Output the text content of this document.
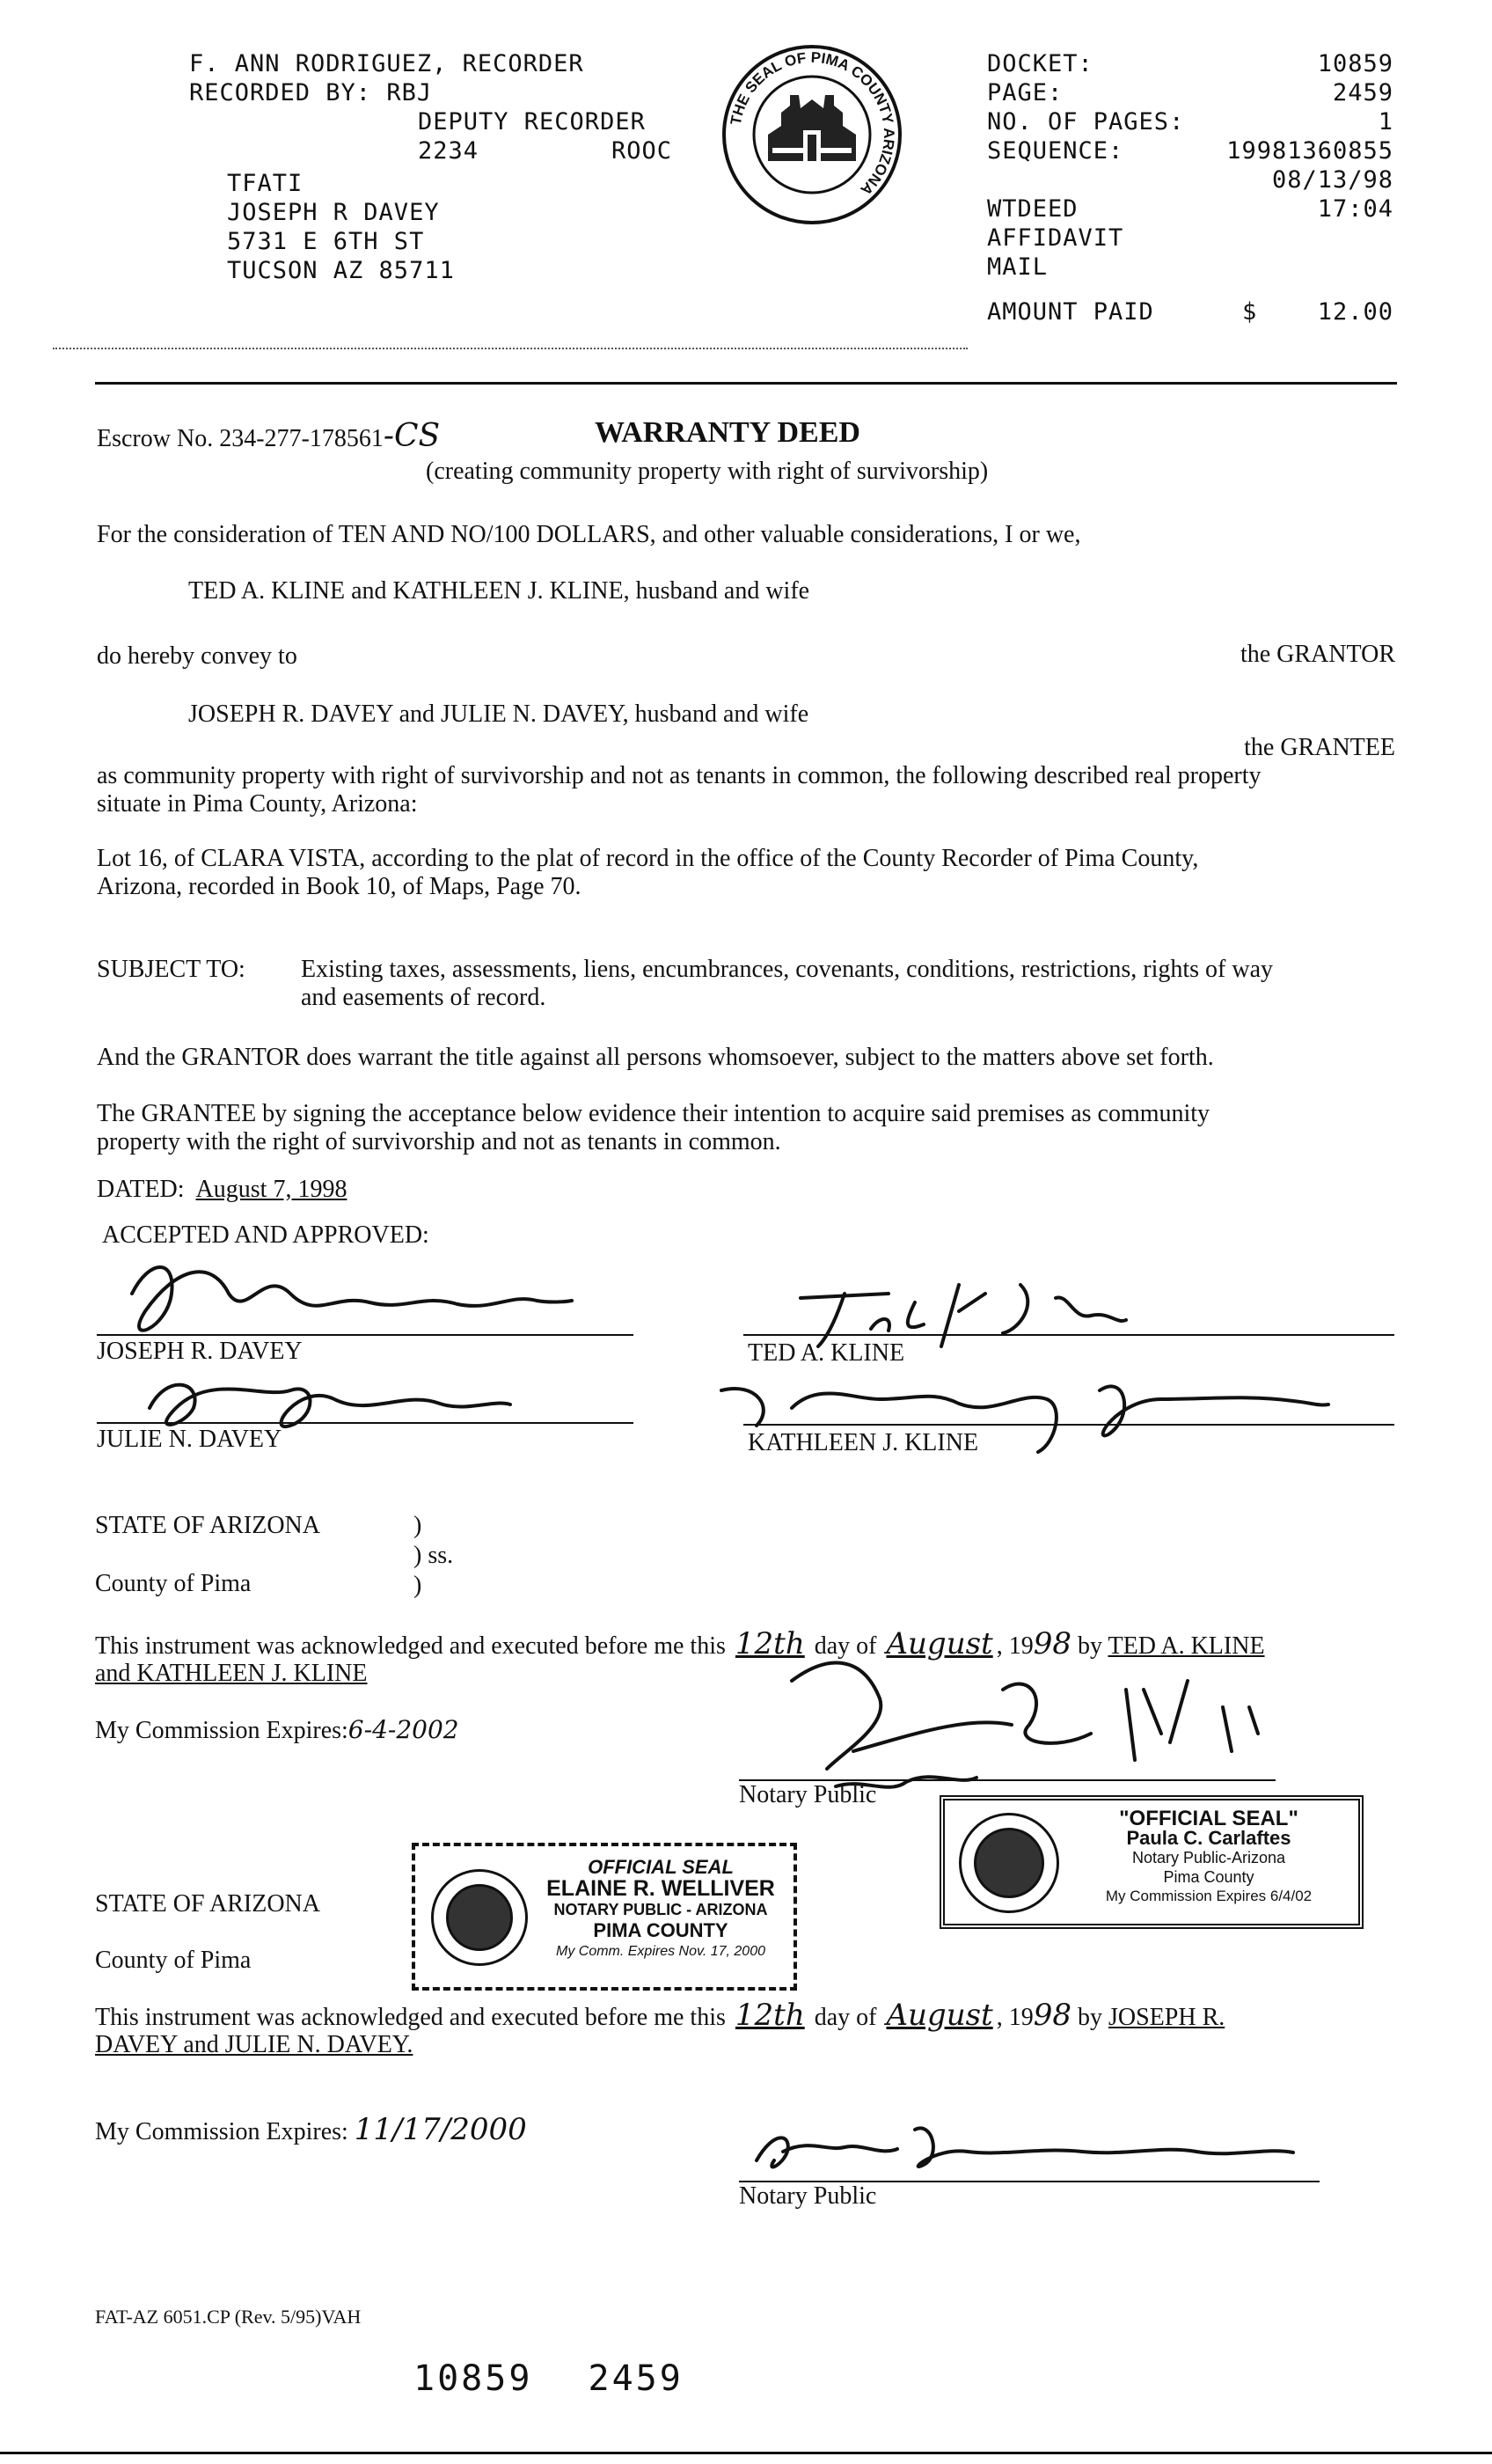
F. ANN RODRIGUEZ, RECORDER
RECORDED BY: RBJ
DEPUTY RECORDER
2234	ROOC
TFATI
JOSEPH R DAVEY
5731 E 6TH ST
TUCSON AZ 85711
THE SEAL OF PIMA COUNTY ARIZONA
DOCKET:	10859
PAGE:	2459
NO. OF PAGES:	1
SEQUENCE:	19981360855
08/13/98
WTDEED	17:04
AFFIDAVIT
MAIL
AMOUNT PAID	$	12.00
Escrow No. 234-277-178561-CS	WARRANTY DEED
(creating community property with right of survivorship)
For the consideration of TEN AND NO/100 DOLLARS, and other valuable considerations, I or we,
TED A. KLINE and KATHLEEN J. KLINE, husband and wife
do hereby convey to	the GRANTOR
JOSEPH R. DAVEY and JULIE N. DAVEY, husband and wife
the GRANTEE
as community property with right of survivorship and not as tenants in common, the following described real property
situate in Pima County, Arizona:
Lot 16, of CLARA VISTA, according to the plat of record in the office of the County Recorder of Pima County,
Arizona, recorded in Book 10, of Maps, Page 70.
SUBJECT TO: Existing taxes, assessments, liens, encumbrances, covenants, conditions, restrictions, rights of way
and easements of record.
And the GRANTOR does warrant the title against all persons whomsoever, subject to the matters above set forth.
The GRANTEE by signing the acceptance below evidence their intention to acquire said premises as community
property with the right of survivorship and not as tenants in common.
DATED: August 7, 1998
ACCEPTED AND APPROVED:
JOSEPH R. DAVEY
JULIE N. DAVEY
TED A. KLINE
KATHLEEN J. KLINE
STATE OF ARIZONA	)
) ss.
)
County of Pima
This instrument was acknowledged and executed before me this 12th day of August , 1998 by TED A. KLINE
and KATHLEEN J. KLINE
My Commission Expires:6-4-2002
Notary Public
"OFFICIAL SEAL"
Paula C. Carlaftes
Notary Public-Arizona
Pima County
My Commission Expires 6/4/02
STATE OF ARIZONA
County of Pima
OFFICIAL SEAL
ELAINE R. WELLIVER
NOTARY PUBLIC - ARIZONA
PIMA COUNTY
My Comm. Expires Nov. 17, 2000
This instrument was acknowledged and executed before me this 12th day of August , 1998 by JOSEPH R.
DAVEY and JULIE N. DAVEY.
My Commission Expires: 11/17/2000
Notary Public
FAT-AZ 6051.CP (Rev. 5/95)VAH
10859 2459
